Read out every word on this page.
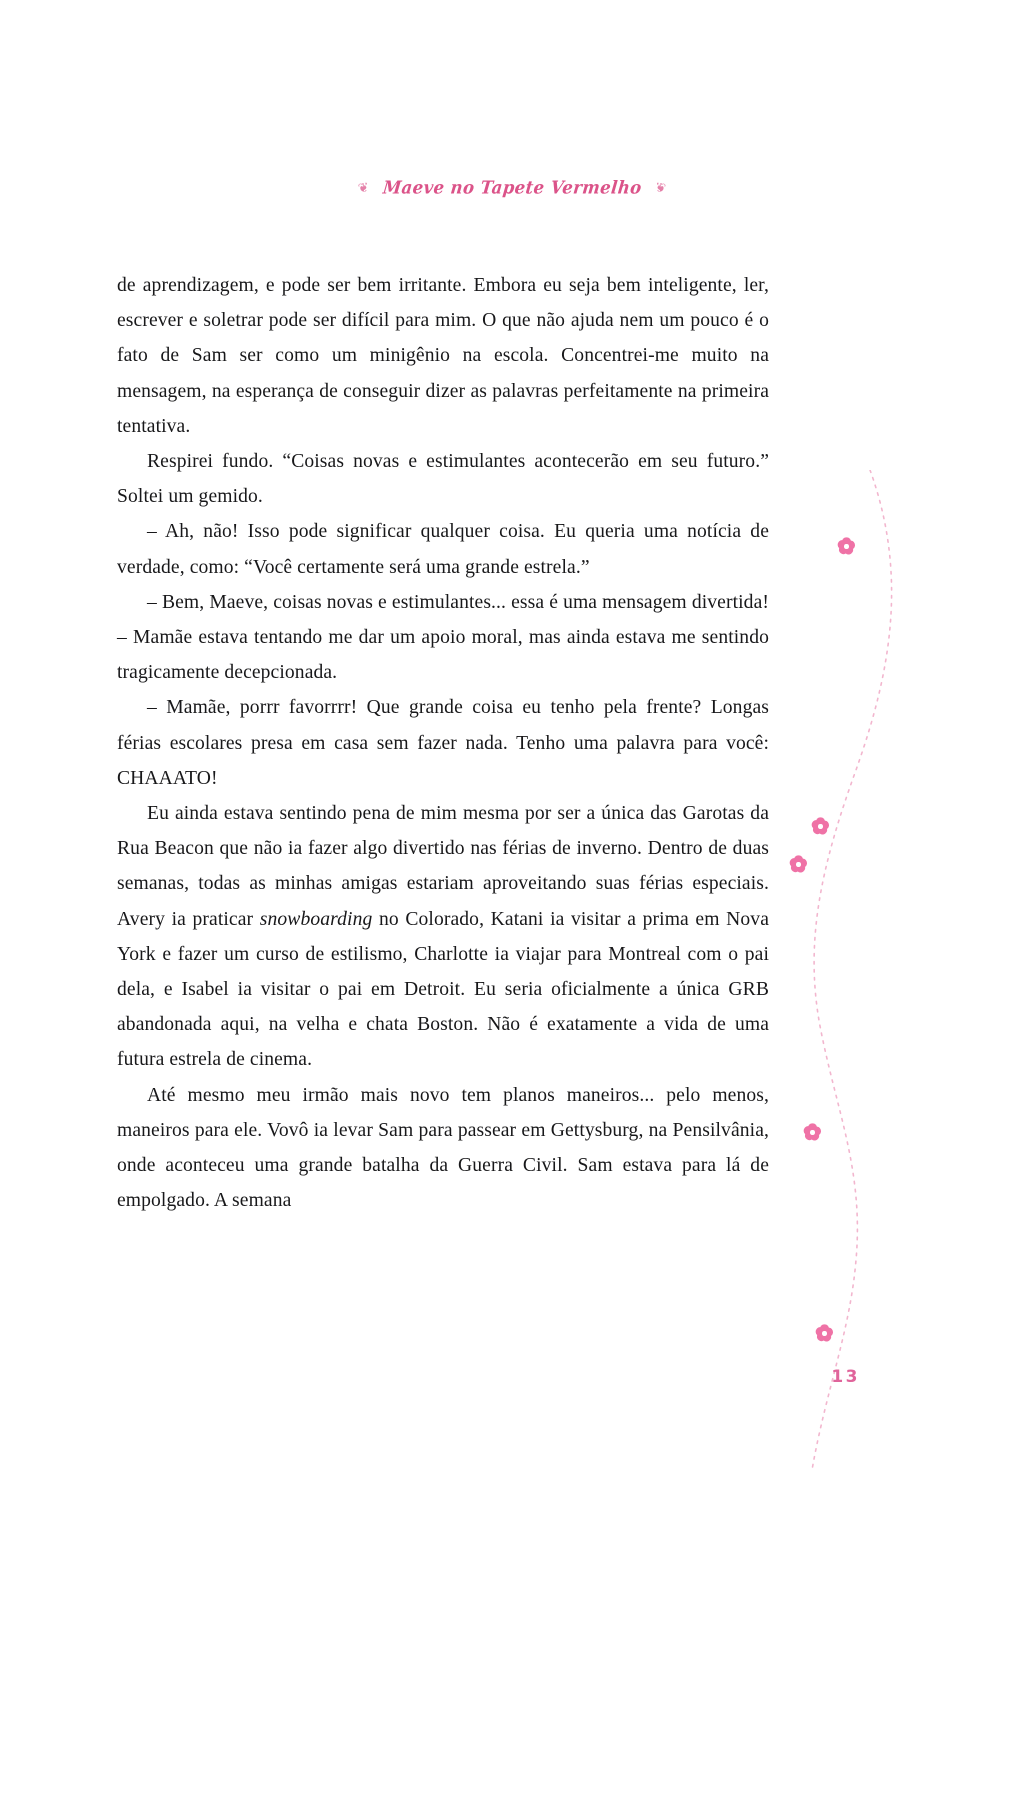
❦ Maeve no Tapete Vermelho ❦

de aprendizagem, e pode ser bem irritante. Embora eu seja bem inteligente, ler, escrever e soletrar pode ser difícil para mim. O que não ajuda nem um pouco é o fato de Sam ser como um minigênio na escola. Concentrei-me muito na mensagem, na esperança de conseguir dizer as palavras perfeitamente na primeira tentativa.

Respirei fundo. “Coisas novas e estimulantes acontecerão em seu futuro.” Soltei um gemido.

– Ah, não! Isso pode significar qualquer coisa. Eu queria uma notícia de verdade, como: “Você certamente será uma grande estrela.”

– Bem, Maeve, coisas novas e estimulantes... essa é uma mensagem divertida! – Mamãe estava tentando me dar um apoio moral, mas ainda estava me sentindo tragicamente decepcionada.

– Mamãe, porrr favorrrr! Que grande coisa eu tenho pela frente? Longas férias escolares presa em casa sem fazer nada. Tenho uma palavra para você: CHAAATO!

Eu ainda estava sentindo pena de mim mesma por ser a única das Garotas da Rua Beacon que não ia fazer algo divertido nas férias de inverno. Dentro de duas semanas, todas as minhas amigas estariam aproveitando suas férias especiais. Avery ia praticar snowboarding no Colorado, Katani ia visitar a prima em Nova York e fazer um curso de estilismo, Charlotte ia viajar para Montreal com o pai dela, e Isabel ia visitar o pai em Detroit. Eu seria oficialmente a única GRB abandonada aqui, na velha e chata Boston. Não é exatamente a vida de uma futura estrela de cinema.

Até mesmo meu irmão mais novo tem planos maneiros... pelo menos, maneiros para ele. Vovô ia levar Sam para passear em Gettysburg, na Pensilvânia, onde aconteceu uma grande batalha da Guerra Civil. Sam estava para lá de empolgado. A semana

13
